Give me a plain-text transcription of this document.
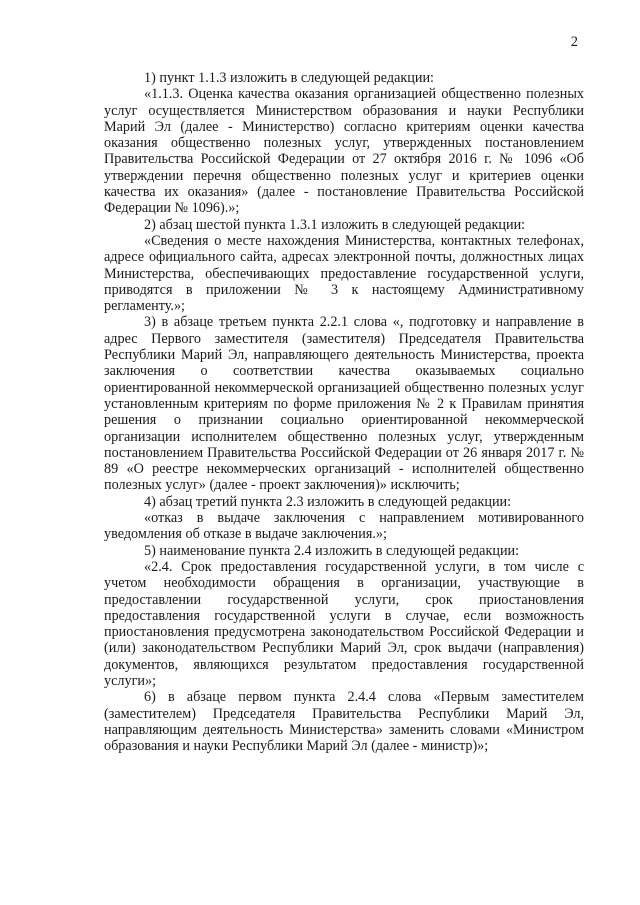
2

1) пункт 1.1.3 изложить в следующей редакции:

«1.1.3. Оценка качества оказания организацией общественно полезных услуг осуществляется Министерством образования и науки Республики Марий Эл (далее - Министерство) согласно критериям оценки качества оказания общественно полезных услуг, утвержденных постановлением Правительства Российской Федерации от 27 октября 2016 г. № 1096 «Об утверждении перечня общественно полезных услуг и критериев оценки качества их оказания» (далее - постановление Правительства Российской Федерации № 1096).»;

2) абзац шестой пункта 1.3.1 изложить в следующей редакции:

«Сведения о месте нахождения Министерства, контактных телефонах, адресе официального сайта, адресах электронной почты, должностных лицах Министерства, обеспечивающих предоставление государственной услуги, приводятся в приложении № 3 к настоящему Административному регламенту.»;

3) в абзаце третьем пункта 2.2.1 слова «, подготовку и направление в адрес Первого заместителя (заместителя) Председателя Правительства Республики Марий Эл, направляющего деятельность Министерства, проекта заключения о соответствии качества оказываемых социально ориентированной некоммерческой организацией общественно полезных услуг установленным критериям по форме приложения № 2 к Правилам принятия решения о признании социально ориентированной некоммерческой организации исполнителем общественно полезных услуг, утвержденным постановлением Правительства Российской Федерации от 26 января 2017 г. № 89 «О реестре некоммерческих организаций - исполнителей общественно полезных услуг» (далее - проект заключения)» исключить;

4) абзац третий пункта 2.3 изложить в следующей редакции:

«отказ в выдаче заключения с направлением мотивированного уведомления об отказе в выдаче заключения.»;

5) наименование пункта 2.4 изложить в следующей редакции:

«2.4. Срок предоставления государственной услуги, в том числе с учетом необходимости обращения в организации, участвующие в предоставлении государственной услуги, срок приостановления предоставления государственной услуги в случае, если возможность приостановления предусмотрена законодательством Российской Федерации и (или) законодательством Республики Марий Эл, срок выдачи (направления) документов, являющихся результатом предоставления государственной услуги»;

6) в абзаце первом пункта 2.4.4 слова «Первым заместителем (заместителем) Председателя Правительства Республики Марий Эл, направляющим деятельность Министерства» заменить словами «Министром образования и науки Республики Марий Эл (далее - министр)»;
